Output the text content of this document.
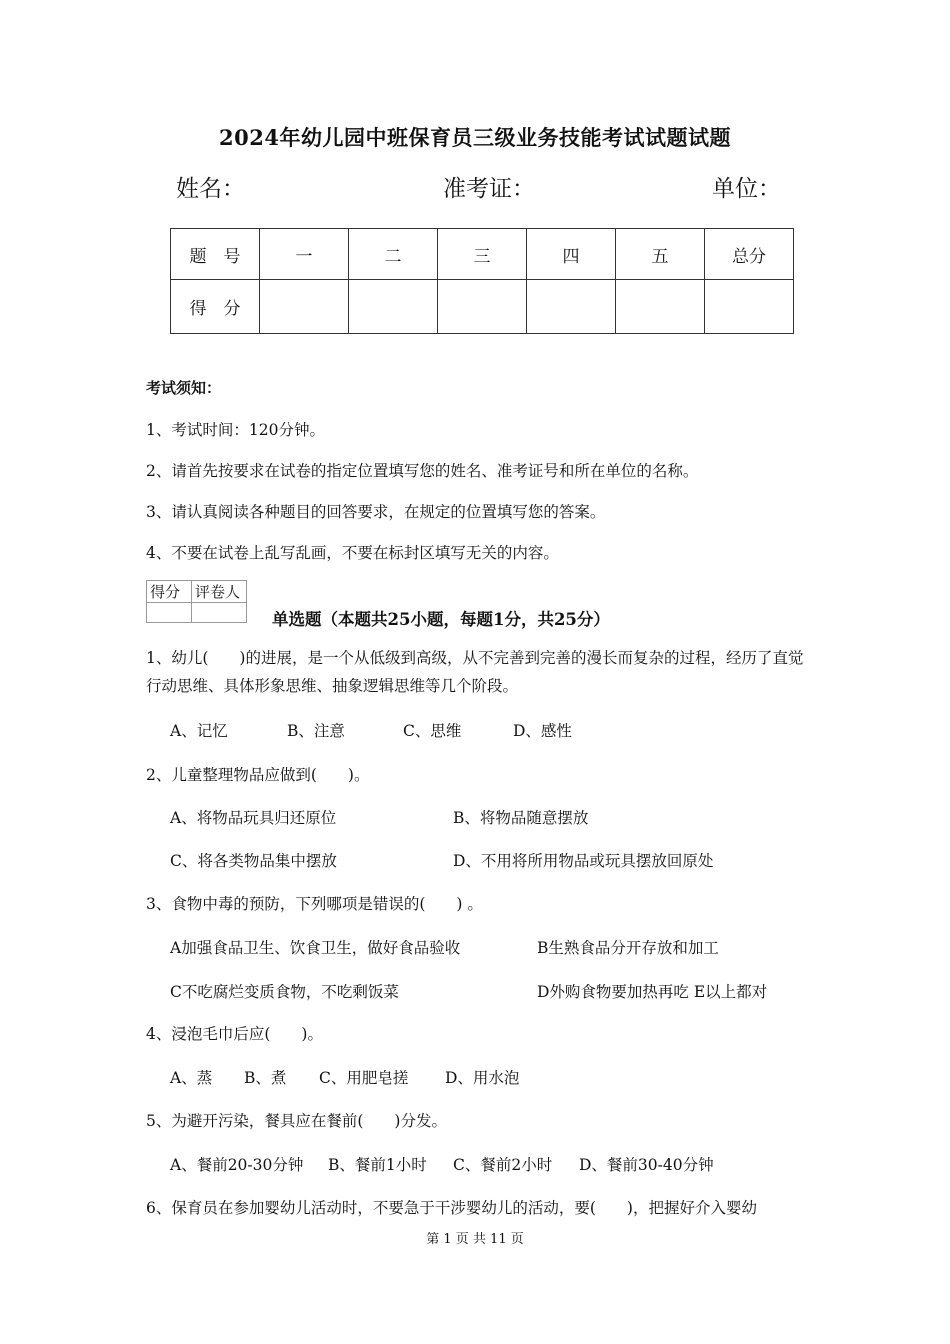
2024年幼儿园中班保育员三级业务技能考试试题试题
姓名：	准考证：	单位：
题　号	一	二	三	四	五	总分
得　分						
考试须知：
1、考试时间：120分钟。
2、请首先按要求在试卷的指定位置填写您的姓名、准考证号和所在单位的名称。
3、请认真阅读各种题目的回答要求，在规定的位置填写您的答案。
4、不要在试卷上乱写乱画，不要在标封区填写无关的内容。
得分	评卷人

单选题（本题共25小题，每题1分，共25分）
1、幼儿(　　)的进展，是一个从低级到高级，从不完善到完善的漫长而复杂的过程，经历了直觉行动思维、具体形象思维、抽象逻辑思维等几个阶段。
A、记忆	B、注意	C、思维	D、感性
2、儿童整理物品应做到(　　)。
A、将物品玩具归还原位	B、将物品随意摆放
C、将各类物品集中摆放	D、不用将所用物品或玩具摆放回原处
3、食物中毒的预防，下列哪项是错误的(　　) 。
A加强食品卫生、饮食卫生，做好食品验收	B生熟食品分开存放和加工
C不吃腐烂变质食物，不吃剩饭菜	D外购食物要加热再吃 E以上都对
4、浸泡毛巾后应(　　)。
A、蒸 B、煮 C、用肥皂搓 D、用水泡
5、为避开污染，餐具应在餐前(　　)分发。
A、餐前20-30分钟 B、餐前1小时 C、餐前2小时 D、餐前30-40分钟
6、保育员在参加婴幼儿活动时，不要急于干涉婴幼儿的活动，要(　　)，把握好介入婴幼
第 1 页 共 11 页
